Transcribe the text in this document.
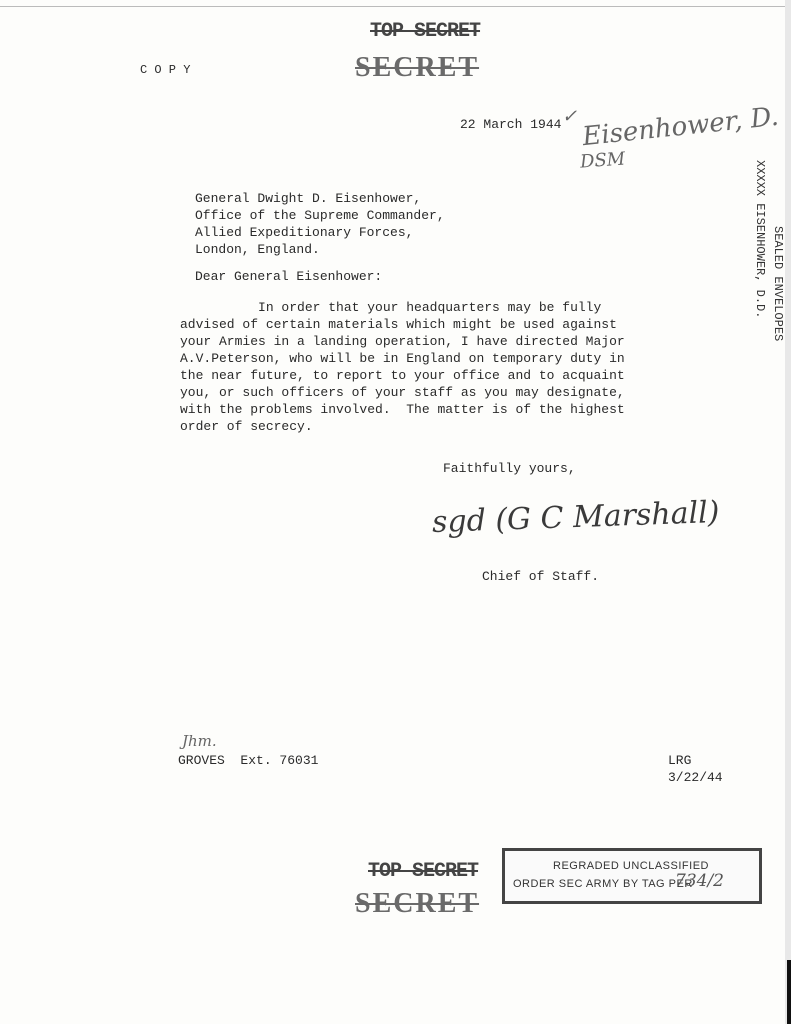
TOP SECRET
SECRET
C O P Y
22 March 1944 ✓ Eisenhower, D.
DSM	XXXXX EISENHOWER, D.D. SEALED ENVELOPES
General Dwight D. Eisenhower,
Office of the Supreme Commander,
Allied Expeditionary Forces,
London, England.
Dear General Eisenhower:
In order that your headquarters may be fully
advised of certain materials which might be used against
your Armies in a landing operation, I have directed Major
A.V.Peterson, who will be in England on temporary duty in
the near future, to report to your office and to acquaint
you, or such officers of your staff as you may designate,
with the problems involved.  The matter is of the highest
order of secrecy.
Faithfully yours,
sgd (G C Marshall)
Chief of Staff.
Jhm.
GROVES  Ext. 76031	LRG
3/22/44
TOP SECRET
SECRET
REGRADED UNCLASSIFIED
ORDER SEC ARMY BY TAG PER
734/2
